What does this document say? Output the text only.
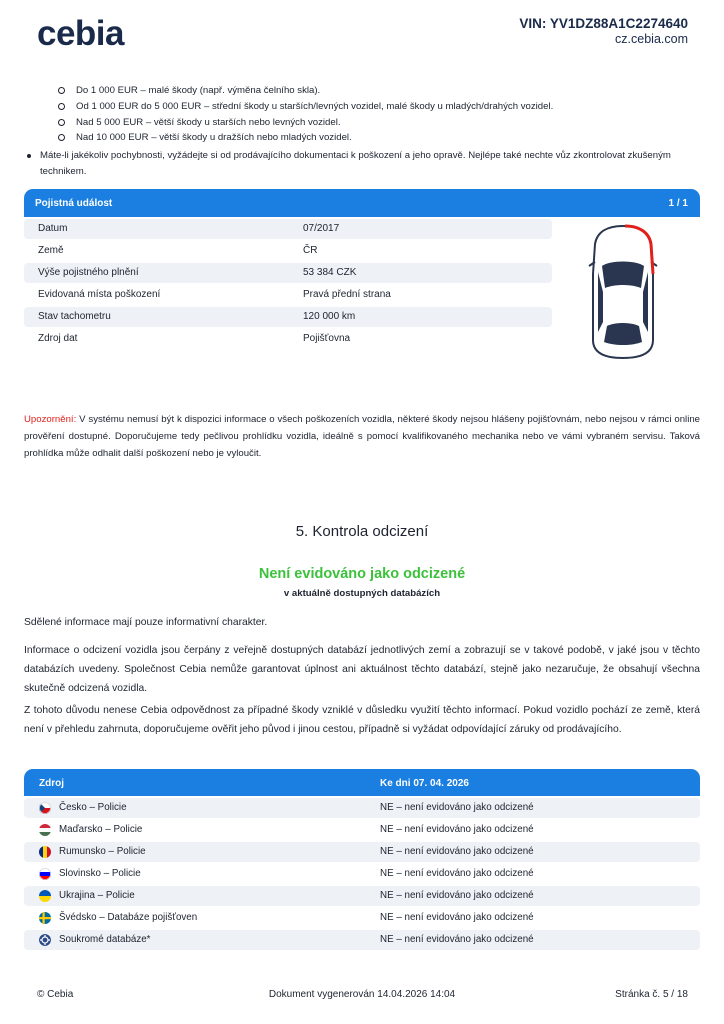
cebia	VIN: YV1DZ88A1C2274640
cz.cebia.com
Do 1 000 EUR – malé škody (např. výměna čelního skla).
Od 1 000 EUR do 5 000 EUR – střední škody u starších/levných vozidel, malé škody u mladých/drahých vozidel.
Nad 5 000 EUR – větší škody u starších nebo levných vozidel.
Nad 10 000 EUR – větší škody u dražších nebo mladých vozidel.
Máte-li jakékoliv pochybnosti, vyžádejte si od prodávajícího dokumentaci k poškození a jeho opravě. Nejlépe také nechte vůz zkontrolovat zkušeným technikem.
Pojistná událost	1 / 1
Datum	07/2017
Země	ČR
Výše pojistného plnění	53 384 CZK
Evidovaná místa poškození	Pravá přední strana
Stav tachometru	120 000 km
Zdroj dat	Pojišťovna
Upozornění: V systému nemusí být k dispozici informace o všech poškozeních vozidla, některé škody nejsou hlášeny pojišťovnám, nebo nejsou v rámci online prověření dostupné. Doporučujeme tedy pečlivou prohlídku vozidla, ideálně s pomocí kvalifikovaného mechanika nebo ve vámi vybraném servisu. Taková prohlídka může odhalit další poškození nebo je vyloučit.
5. Kontrola odcizení
Není evidováno jako odcizené
v aktuálně dostupných databázích
Sdělené informace mají pouze informativní charakter.
Informace o odcizení vozidla jsou čerpány z veřejně dostupných databází jednotlivých zemí a zobrazují se v takové podobě, v jaké jsou v těchto databázích uvedeny. Společnost Cebia nemůže garantovat úplnost ani aktuálnost těchto databází, stejně jako nezaručuje, že obsahují všechna skutečně odcizená vozidla.
Z tohoto důvodu nenese Cebia odpovědnost za případné škody vzniklé v důsledku využití těchto informací. Pokud vozidlo pochází ze země, která není v přehledu zahrnuta, doporučujeme ověřit jeho původ i jinou cestou, případně si vyžádat odpovídající záruky od prodávajícího.
Zdroj	Ke dni 07. 04. 2026
Česko – Policie	NE – není evidováno jako odcizené
Maďarsko – Policie	NE – není evidováno jako odcizené
Rumunsko – Policie	NE – není evidováno jako odcizené
Slovinsko – Policie	NE – není evidováno jako odcizené
Ukrajina – Policie	NE – není evidováno jako odcizené
Švédsko – Databáze pojišťoven	NE – není evidováno jako odcizené
Soukromé databáze*	NE – není evidováno jako odcizené
© Cebia	Dokument vygenerován 14.04.2026 14:04	Stránka č. 5 / 18
